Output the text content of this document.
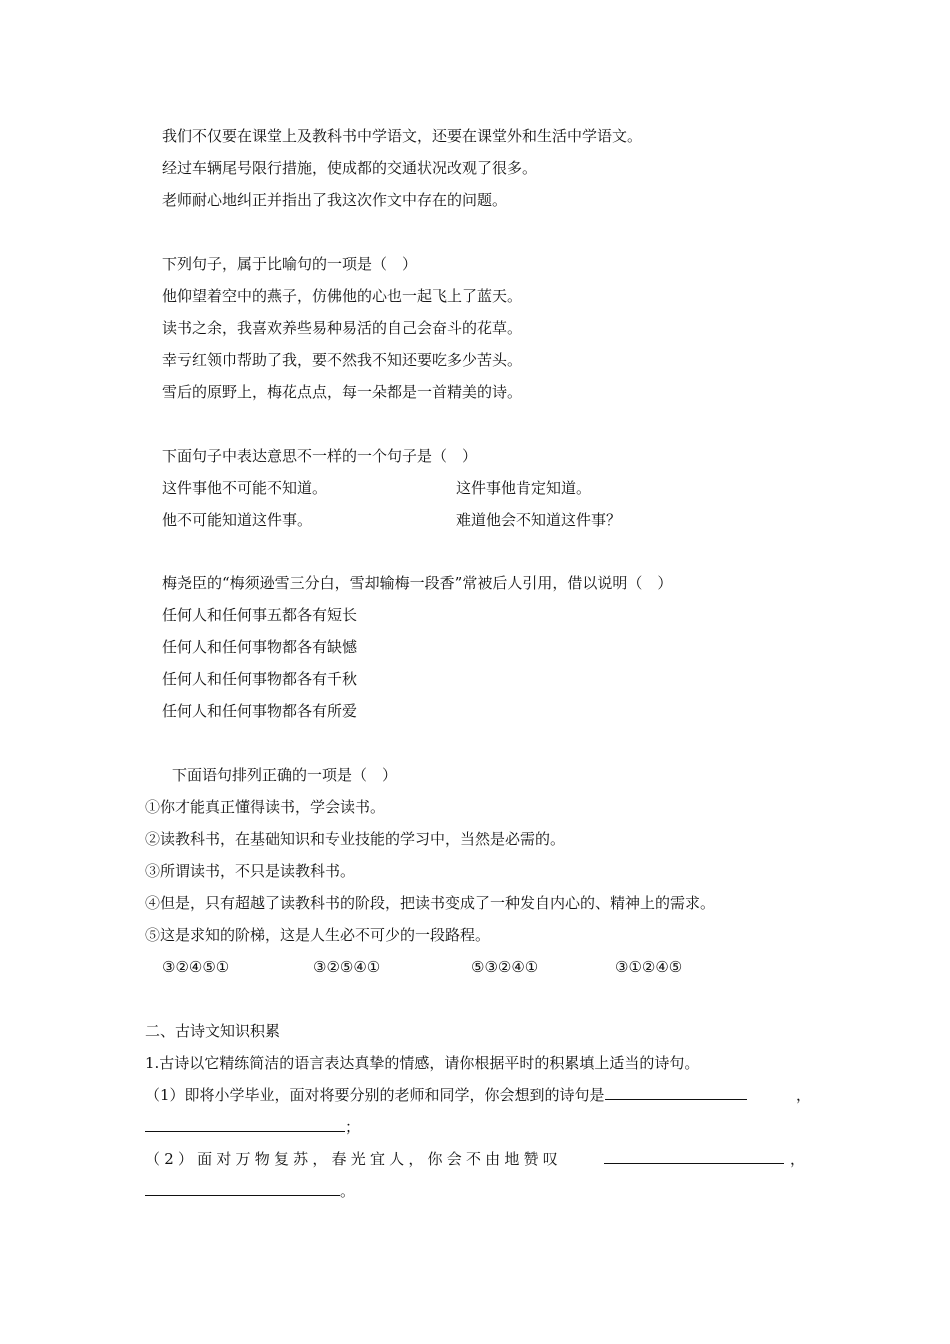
我们不仅要在课堂上及教科书中学语文，还要在课堂外和生活中学语文。
经过车辆尾号限行措施，使成都的交通状况改观了很多。
老师耐心地纠正并指出了我这次作文中存在的问题。
下列句子，属于比喻句的一项是（　）
他仰望着空中的燕子，仿佛他的心也一起飞上了蓝天。
读书之余，我喜欢养些易种易活的自己会奋斗的花草。
幸亏红领巾帮助了我，要不然我不知还要吃多少苦头。
雪后的原野上，梅花点点，每一朵都是一首精美的诗。
下面句子中表达意思不一样的一个句子是（　）
这件事他不可能不知道。	这件事他肯定知道。
他不可能知道这件事。	难道他会不知道这件事？
梅尧臣的“梅须逊雪三分白，雪却输梅一段香”常被后人引用，借以说明（　）
任何人和任何事五都各有短长
任何人和任何事物都各有缺憾
任何人和任何事物都各有千秋
任何人和任何事物都各有所爱
下面语句排列正确的一项是（　）
①你才能真正懂得读书，学会读书。
②读教科书，在基础知识和专业技能的学习中，当然是必需的。
③所谓读书，不只是读教科书。
④但是，只有超越了读教科书的阶段，把读书变成了一种发自内心的、精神上的需求。
⑤这是求知的阶梯，这是人生必不可少的一段路程。
③②④⑤①	③②⑤④①	⑤③②④①	③①②④⑤
二、古诗文知识积累
1.古诗以它精练简洁的语言表达真挚的情感，请你根据平时的积累填上适当的诗句。
（1）即将小学毕业，面对将要分别的老师和同学，你会想到的诗句是	，
；
（2）面对万物复苏，春光宜人，你会不由地赞叹	，
。
